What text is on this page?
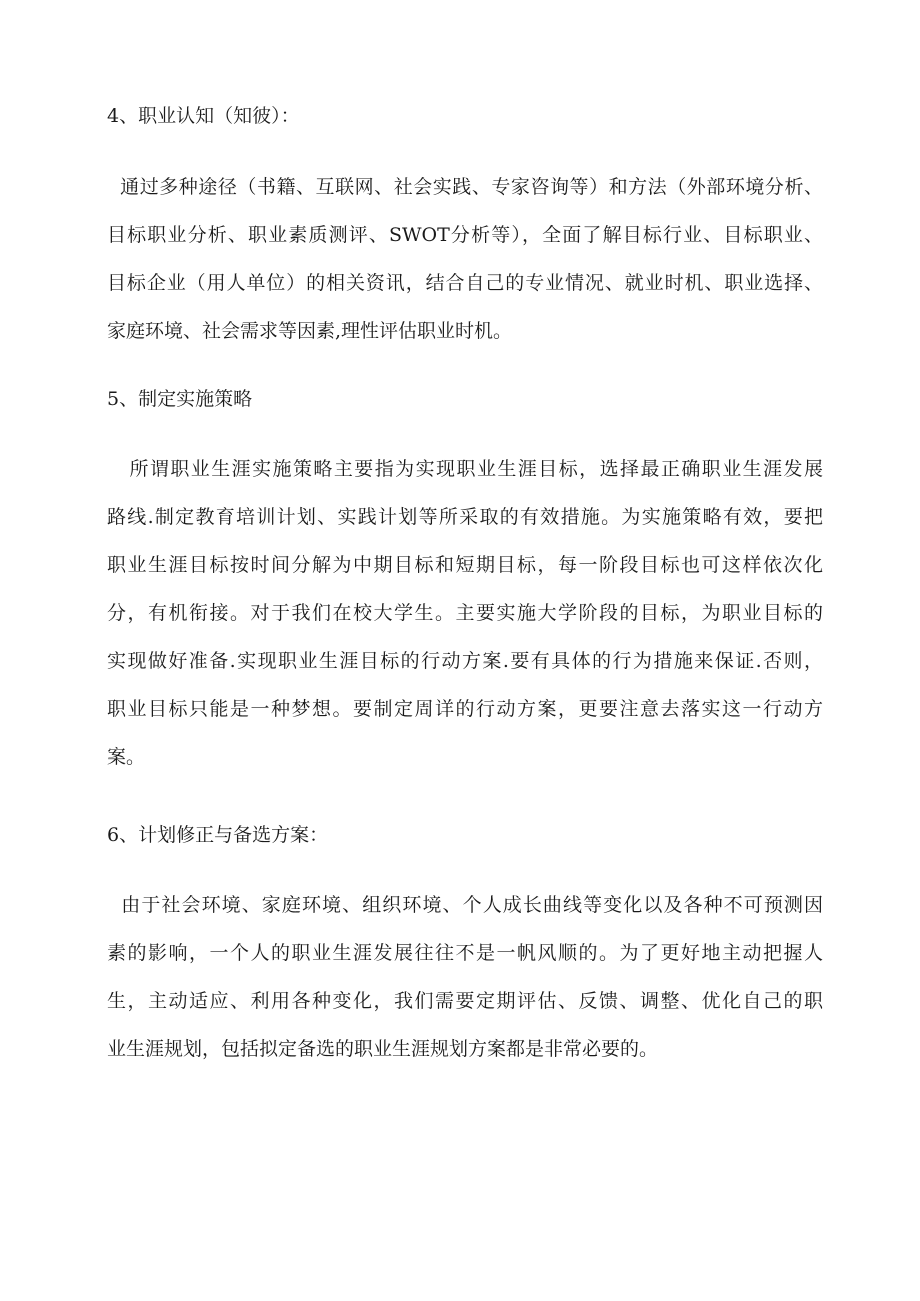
4、职业认知（知彼）：
通过多种途径（书籍、互联网、社会实践、专家咨询等）和方法（外部环境分析、
目标职业分析、职业素质测评、SWOT分析等），全面了解目标行业、目标职业、
目标企业（用人单位）的相关资讯，结合自己的专业情况、就业时机、职业选择、
家庭环境、社会需求等因素,理性评估职业时机。
5、制定实施策略
所谓职业生涯实施策略主要指为实现职业生涯目标，选择最正确职业生涯发展
路线.制定教育培训计划、实践计划等所采取的有效措施。为实施策略有效，要把
职业生涯目标按时间分解为中期目标和短期目标，每一阶段目标也可这样依次化
分，有机衔接。对于我们在校大学生。主要实施大学阶段的目标，为职业目标的
实现做好准备.实现职业生涯目标的行动方案.要有具体的行为措施来保证.否则，
职业目标只能是一种梦想。要制定周详的行动方案，更要注意去落实这一行动方
案。
6、计划修正与备选方案：
由于社会环境、家庭环境、组织环境、个人成长曲线等变化以及各种不可预测因
素的影响，一个人的职业生涯发展往往不是一帆风顺的。为了更好地主动把握人
生，主动适应、利用各种变化，我们需要定期评估、反馈、调整、优化自己的职
业生涯规划，包括拟定备选的职业生涯规划方案都是非常必要的。
